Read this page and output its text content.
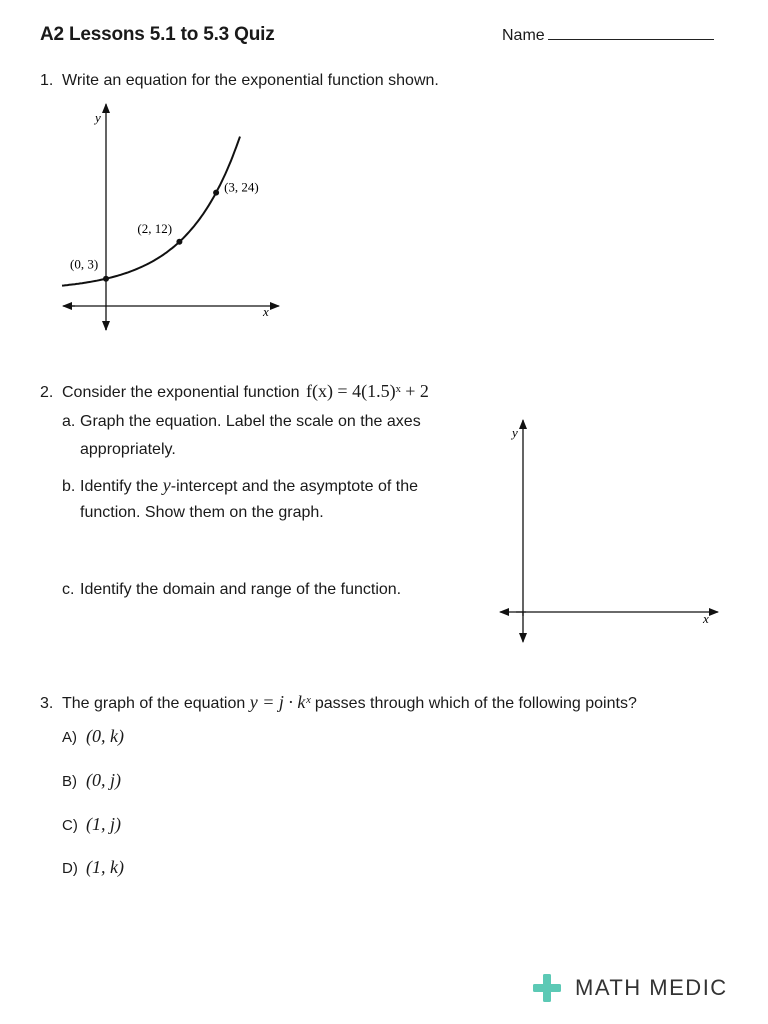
A2 Lessons 5.1 to 5.3 Quiz	Name
1. Write an equation for the exponential function shown.
y
x
(0, 3)
(2, 12)
(3, 24)
2. Consider the exponential function f(x) = 4(1.5)ˣ + 2
a. Graph the equation. Label the scale on the axes
appropriately.
b. Identify the y-intercept and the asymptote of the
function. Show them on the graph.
c. Identify the domain and range of the function.
y
x
3. The graph of the equation y = j · kˣ passes through which of the following points?
A) (0, k)
B) (0, j)
C) (1, j)
D) (1, k)
MATH MEDIC
